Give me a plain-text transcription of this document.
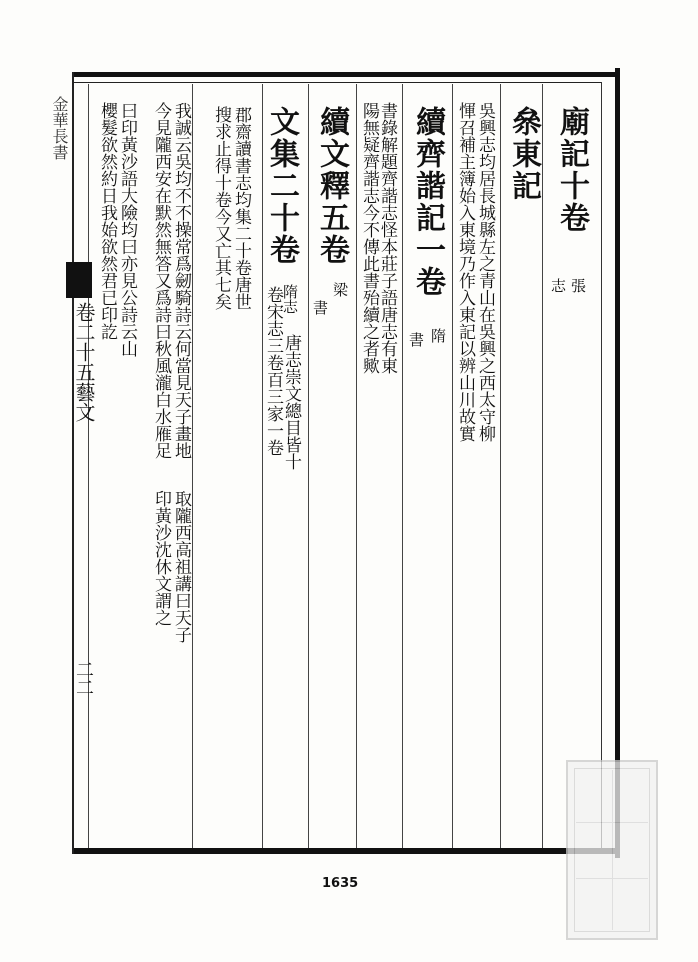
廟記十卷
張
志
㕘東記
吳興志均居長城縣左之青山在吳興之西太守柳
惲召補主簿始入東境乃作入東記以辨山川故實
續齊諧記一卷
隋
書
書錄解題齊諧志怪本莊子語唐志有東
陽無疑齊諧志今不傳此書殆續之者歟
續文釋五卷
梁
書
文集二十卷
隋志
唐志崇文總目皆十
卷宋志三卷百三家一卷
郡齋讀書志均集二十卷唐世
搜求止得十卷今又亡其七矣
我誠云吳均不不操常爲劒騎詩云何當見天子畫地
取隴西高祖講曰天子
今見隴西安在默然無答又爲詩曰秋風瀧白水雁足
印黃沙沈休文謂之
曰印黃沙語大險均曰亦見公詩云山
櫻髮欲然約日我始欲然君已印訖
金華長書
卷二十五藝文
二二
1635
